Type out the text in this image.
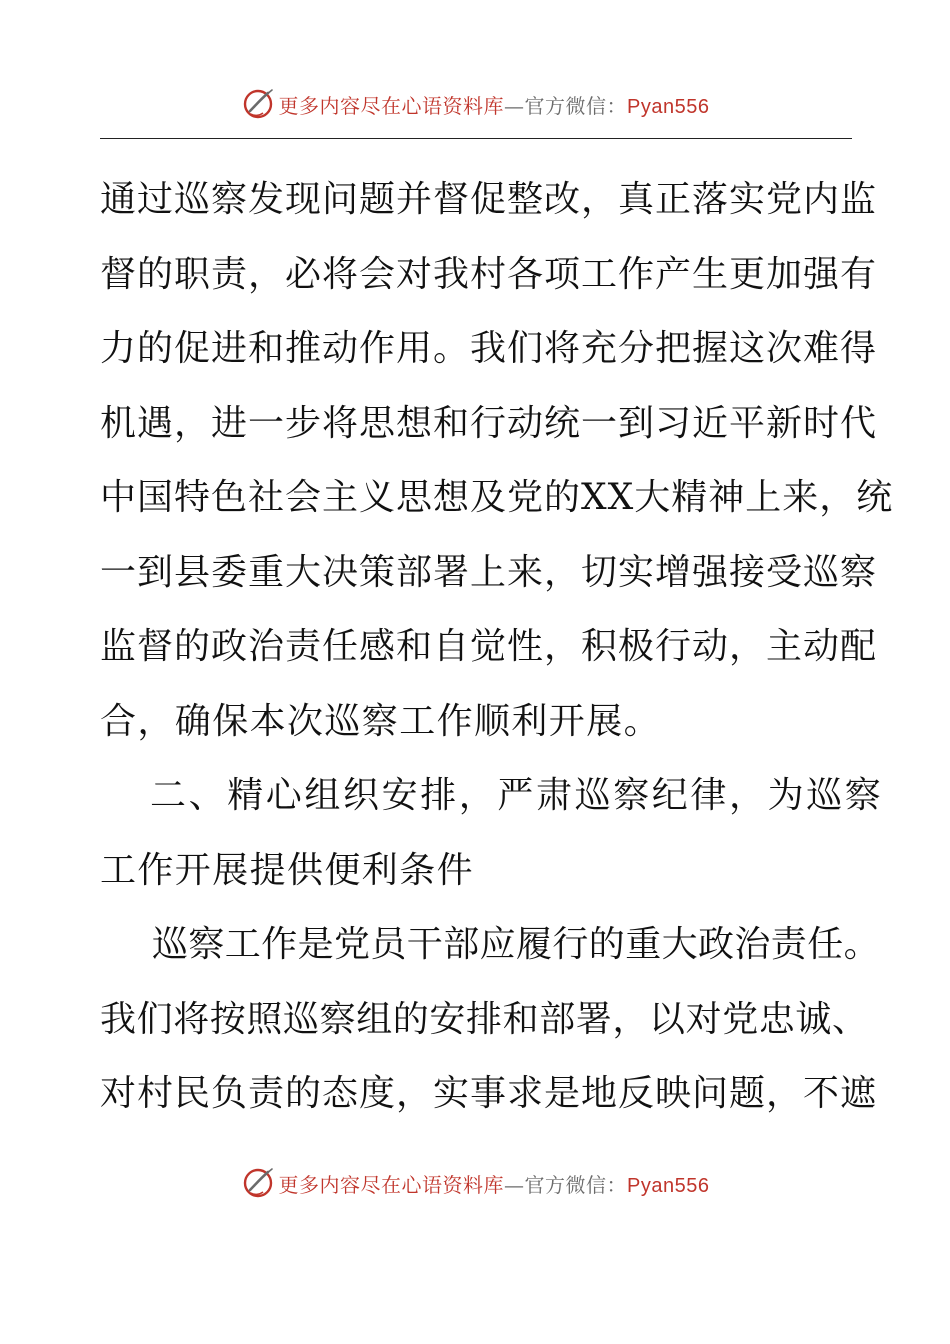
更多内容尽在心语资料库—官方微信：Pyan556
通过巡察发现问题并督促整改，真正落实党内监
督的职责，必将会对我村各项工作产生更加强有
力的促进和推动作用。我们将充分把握这次难得
机遇，进一步将思想和行动统一到习近平新时代
中国特色社会主义思想及党的XX大精神上来，统
一到县委重大决策部署上来，切实增强接受巡察
监督的政治责任感和自觉性，积极行动，主动配
合，确保本次巡察工作顺利开展。
二、精心组织安排，严肃巡察纪律，为巡察
工作开展提供便利条件
巡察工作是党员干部应履行的重大政治责任。
我们将按照巡察组的安排和部署，以对党忠诚、
对村民负责的态度，实事求是地反映问题，不遮
更多内容尽在心语资料库—官方微信：Pyan556
